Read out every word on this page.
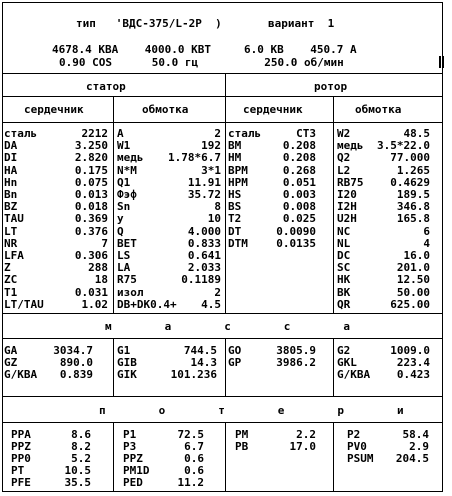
тип   'ВДС-375/L-2P  )       вариант  1
4678.4 КВА    4000.0 КВТ     6.0 КВ    450.7 А
0.90 COS      50.0 гц          250.0 об/мин
статор	ротор
сердечник	обмотка	сердечник	обмотка
м        а        с        с        а
п        о        т        е        р        и
сталь	2212
DA	3.250
DI	2.820
HA	0.175
Hn	0.075
Bn	0.013
BZ	0.018
TAU	0.369
LT	0.376
NR	7
LFA	0.306
Z	288
ZC	18
T1	0.031
LT/TAU	1.02
A	2
W1	192
медь	1.78*6.7
N*M	3*1
Q1	11.91
Фэф	35.72
Sn	8
y	10
Q	4.000
BET	0.833
LS	0.641
LA	2.033
R75	0.1189
изол	2
DB+DK0.4+	4.5
сталь	CT3
BM	0.208
HM	0.208
BPM	0.268
HPM	0.051
HS	0.003
BS	0.008
T2	0.025
DT	0.0090
DTM	0.0135
W2	48.5
медь	3.5*22.0
Q2	77.000
L2	1.265
RB75	0.4629
I20	189.5
I2H	346.8
U2H	165.8
NC	6
NL	4
DC	16.0
SC	201.0
HK	12.50
BK	50.00
QR	625.00
GA	3034.7
GZ	890.0
G/КВА	0.839
G1	744.5
GIB	14.3
GIK	101.236
GO	3805.9
GP	3986.2
G2	1009.0
GKL	223.4
G/КВА	0.423
PPA	8.6
PPZ	8.2
PP0	5.2
PT	10.5
PFE	35.5
P1	72.5
P3	6.7
PPZ	0.6
PM1D	0.6
PED	11.2
PM	2.2
PB	17.0
P2	58.4
PV0	2.9
PSUM	204.5
